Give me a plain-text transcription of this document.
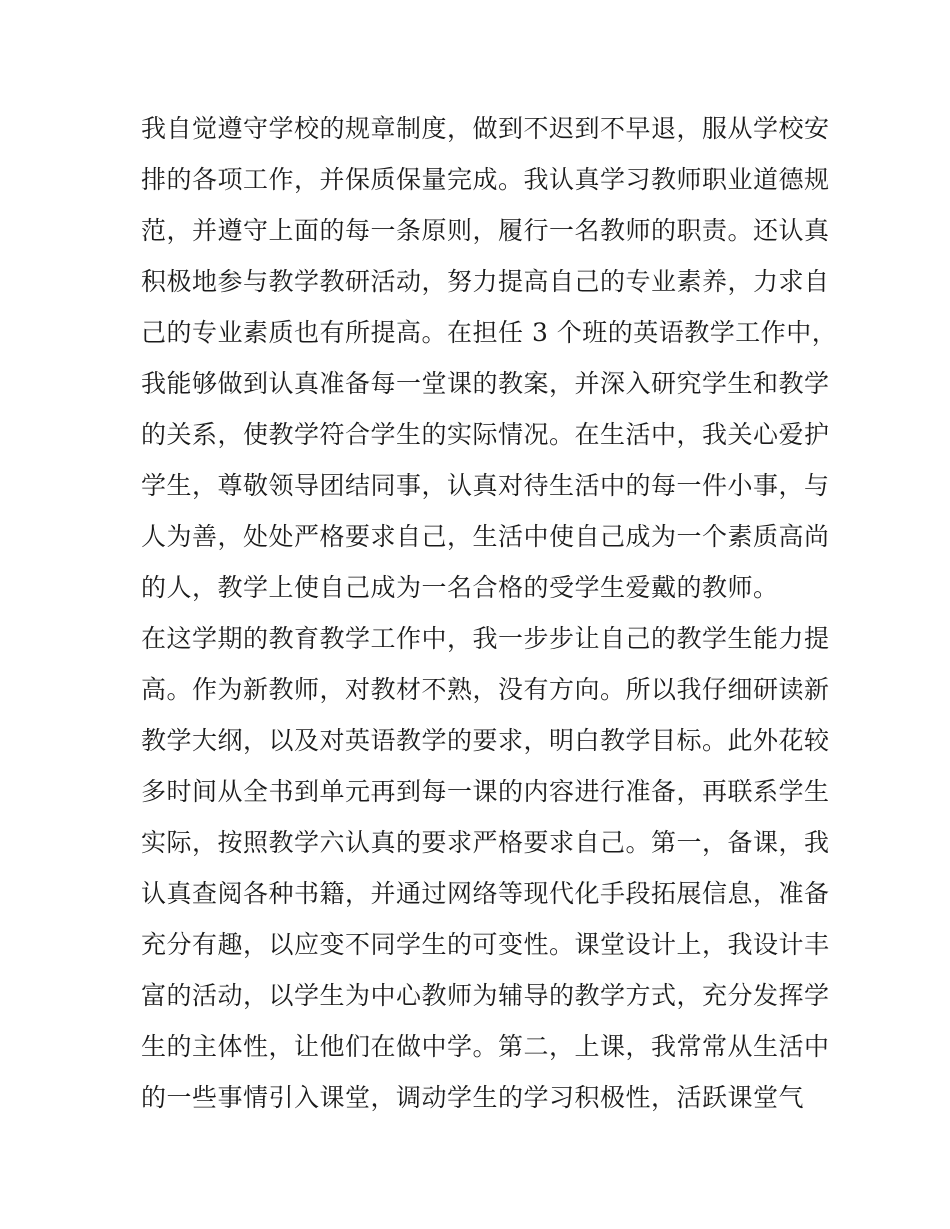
我自觉遵守学校的规章制度，做到不迟到不早退，服从学校安
排的各项工作，并保质保量完成。我认真学习教师职业道德规
范，并遵守上面的每一条原则，履行一名教师的职责。还认真
积极地参与教学教研活动，努力提高自己的专业素养，力求自
己的专业素质也有所提高。在担任 3 个班的英语教学工作中，
我能够做到认真准备每一堂课的教案，并深入研究学生和教学
的关系，使教学符合学生的实际情况。在生活中，我关心爱护
学生，尊敬领导团结同事，认真对待生活中的每一件小事，与
人为善，处处严格要求自己，生活中使自己成为一个素质高尚
的人，教学上使自己成为一名合格的受学生爱戴的教师。
在这学期的教育教学工作中，我一步步让自己的教学生能力提
高。作为新教师，对教材不熟，没有方向。所以我仔细研读新
教学大纲，以及对英语教学的要求，明白教学目标。此外花较
多时间从全书到单元再到每一课的内容进行准备，再联系学生
实际，按照教学六认真的要求严格要求自己。第一，备课，我
认真查阅各种书籍，并通过网络等现代化手段拓展信息，准备
充分有趣，以应变不同学生的可变性。课堂设计上，我设计丰
富的活动，以学生为中心教师为辅导的教学方式，充分发挥学
生的主体性，让他们在做中学。第二，上课，我常常从生活中
的一些事情引入课堂，调动学生的学习积极性，活跃课堂气
